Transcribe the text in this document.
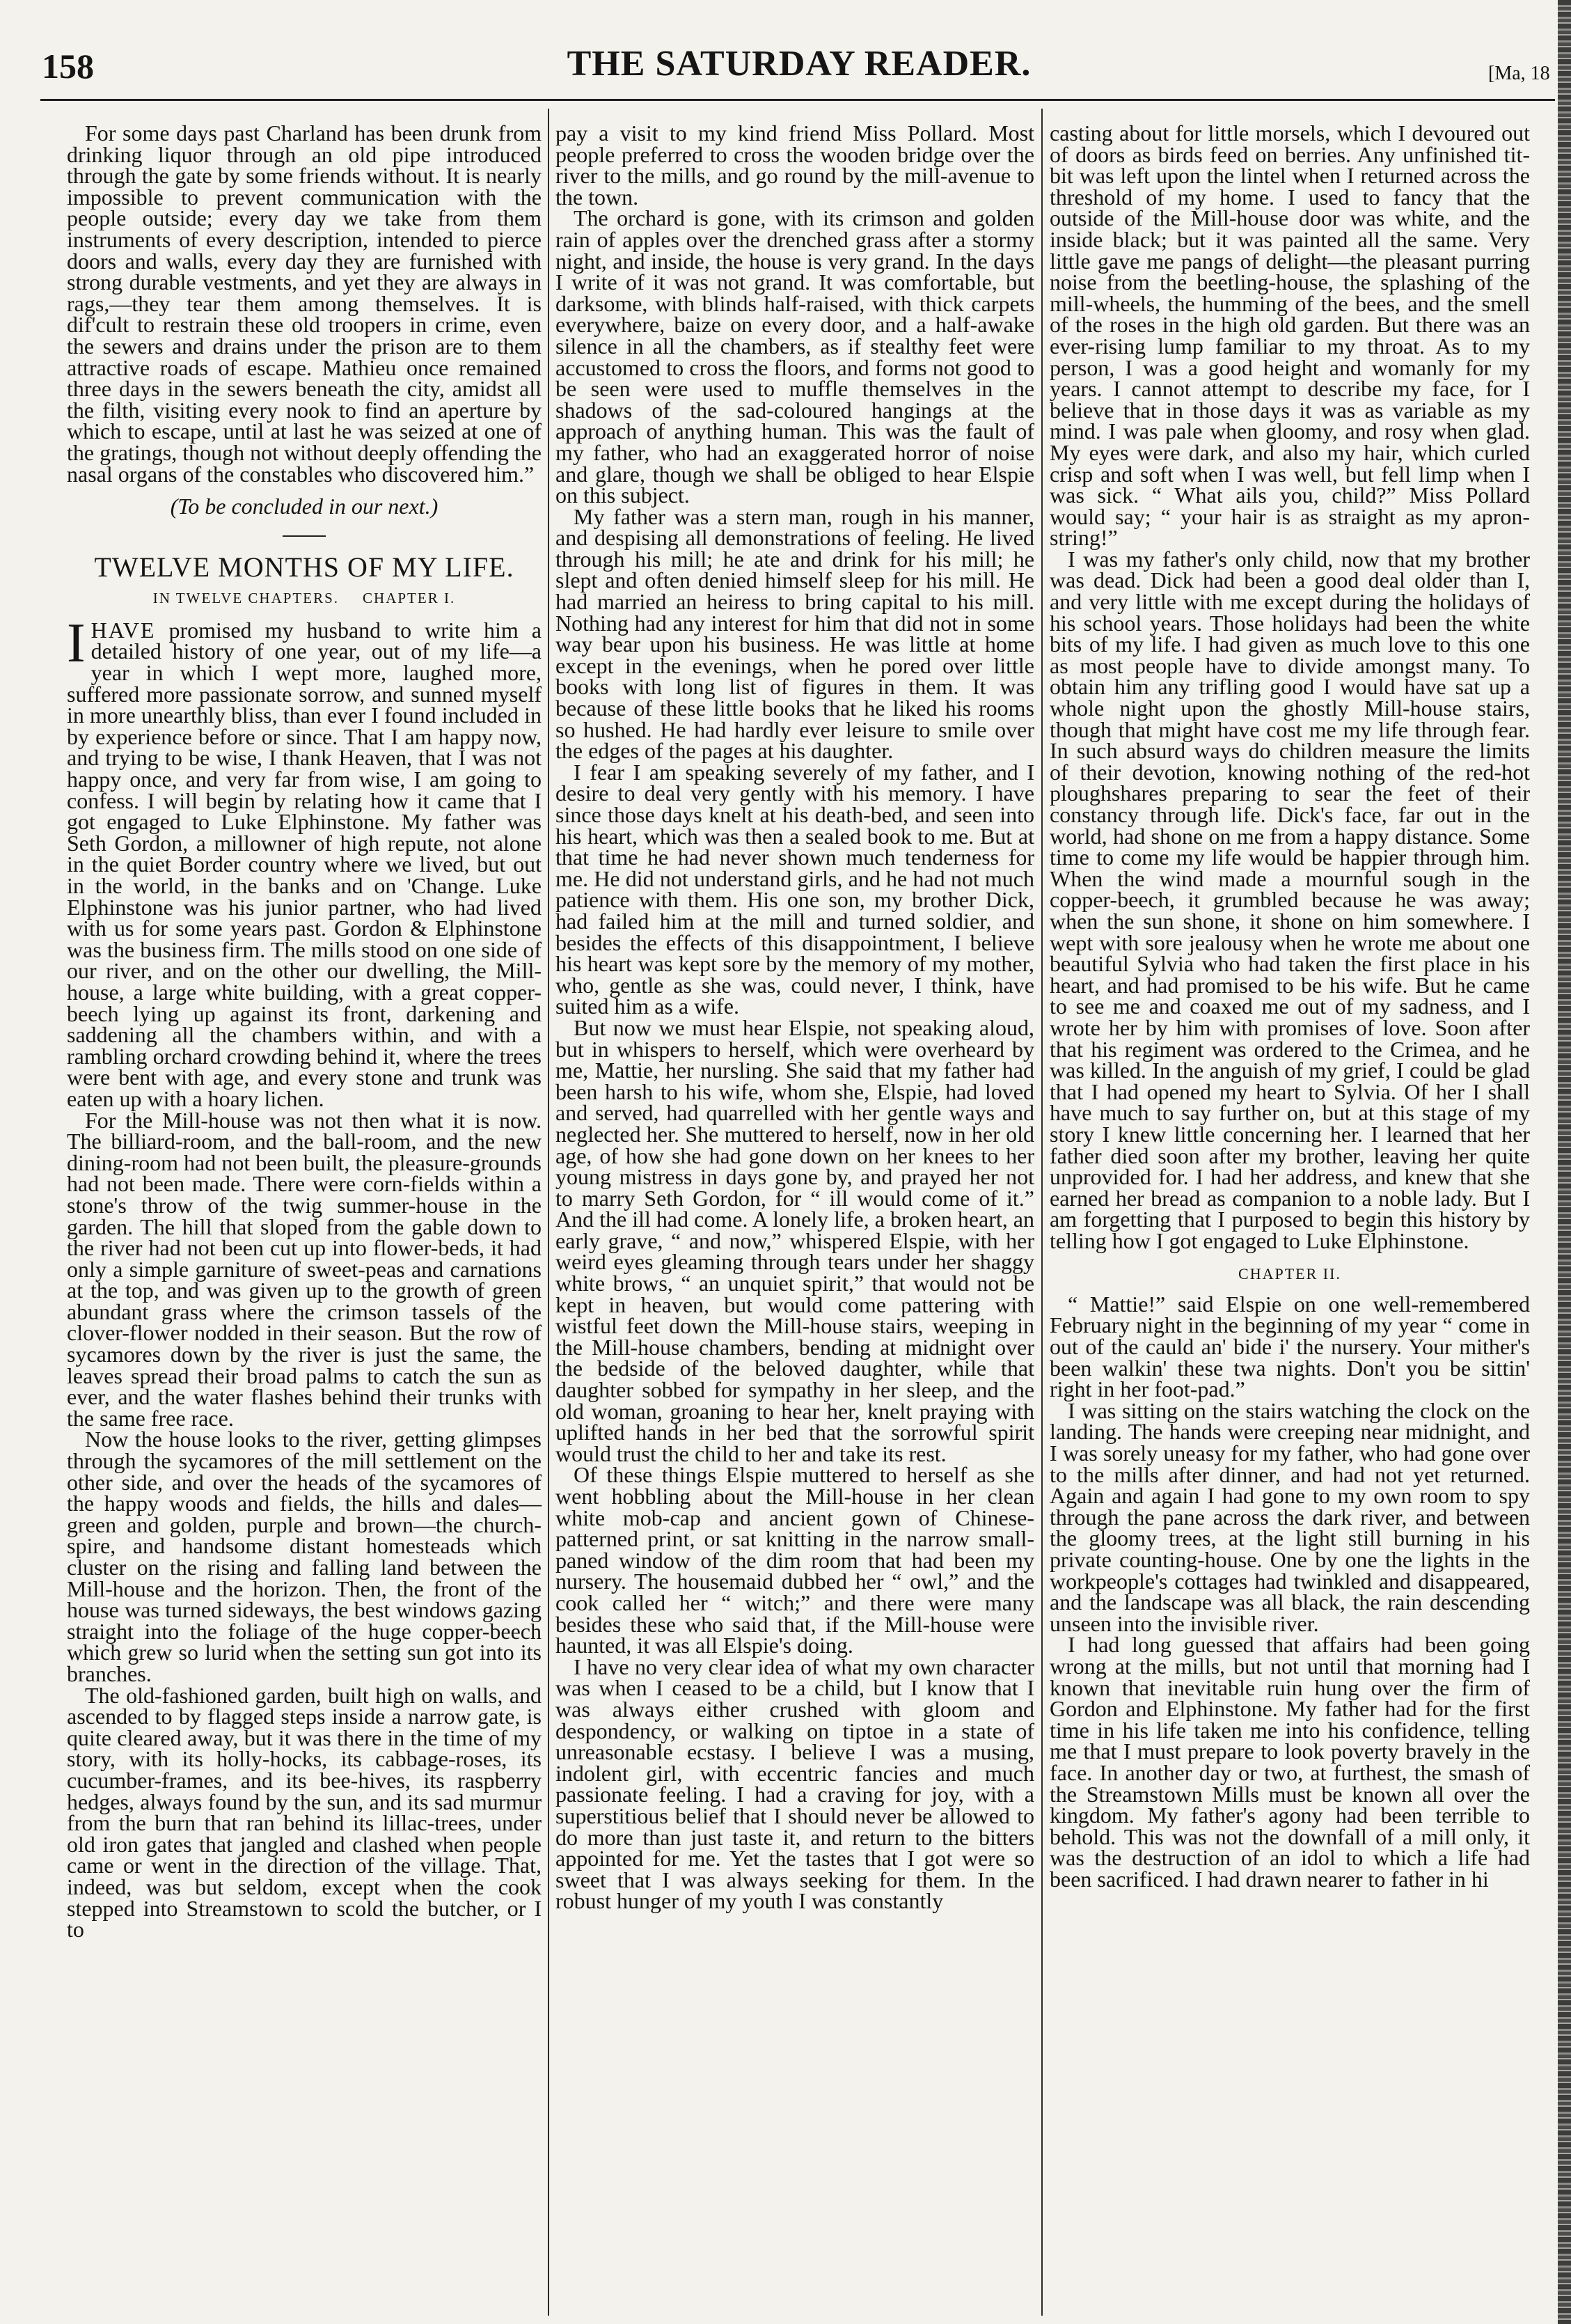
158	THE SATURDAY READER.	[Ma, 18

For some days past Charland has been drunk from drinking liquor through an old pipe introduced through the gate by some friends without. It is nearly impossible to prevent communication with the people outside; every day we take from them instruments of every description, intended to pierce doors and walls, every day they are furnished with strong durable vestments, and yet they are always in rags,—they tear them among themselves. It is dif'cult to restrain these old troopers in crime, even the sewers and drains under the prison are to them attractive roads of escape. Mathieu once remained three days in the sewers beneath the city, amidst all the filth, visiting every nook to find an aperture by which to escape, until at last he was seized at one of the gratings, though not without deeply offending the nasal organs of the constables who discovered him.”

(To be concluded in our next.)

TWELVE MONTHS OF MY LIFE.
IN TWELVE CHAPTERS. CHAPTER I.

IHAVE promised my husband to write him a detailed history of one year, out of my life—a year in which I wept more, laughed more, suffered more passionate sorrow, and sunned myself in more unearthly bliss, than ever I found included in by experience before or since. That I am happy now, and trying to be wise, I thank Heaven, that I was not happy once, and very far from wise, I am going to confess. I will begin by relating how it came that I got engaged to Luke Elphinstone. My father was Seth Gordon, a millowner of high repute, not alone in the quiet Border country where we lived, but out in the world, in the banks and on 'Change. Luke Elphinstone was his junior partner, who had lived with us for some years past. Gordon & Elphinstone was the business firm. The mills stood on one side of our river, and on the other our dwelling, the Mill-house, a large white building, with a great copper-beech lying up against its front, darkening and saddening all the chambers within, and with a rambling orchard crowding behind it, where the trees were bent with age, and every stone and trunk was eaten up with a hoary lichen.

For the Mill-house was not then what it is now. The billiard-room, and the ball-room, and the new dining-room had not been built, the pleasure-grounds had not been made. There were corn-fields within a stone's throw of the twig summer-house in the garden. The hill that sloped from the gable down to the river had not been cut up into flower-beds, it had only a simple garniture of sweet-peas and carnations at the top, and was given up to the growth of green abundant grass where the crimson tassels of the clover-flower nodded in their season. But the row of sycamores down by the river is just the same, the leaves spread their broad palms to catch the sun as ever, and the water flashes behind their trunks with the same free race.

Now the house looks to the river, getting glimpses through the sycamores of the mill settlement on the other side, and over the heads of the sycamores of the happy woods and fields, the hills and dales—green and golden, purple and brown—the church-spire, and handsome distant homesteads which cluster on the rising and falling land between the Mill-house and the horizon. Then, the front of the house was turned sideways, the best windows gazing straight into the foliage of the huge copper-beech which grew so lurid when the setting sun got into its branches.

The old-fashioned garden, built high on walls, and ascended to by flagged steps inside a narrow gate, is quite cleared away, but it was there in the time of my story, with its holly-hocks, its cabbage-roses, its cucumber-frames, and its bee-hives, its raspberry hedges, always found by the sun, and its sad murmur from the burn that ran behind its lillac-trees, under old iron gates that jangled and clashed when people came or went in the direction of the village. That, indeed, was but seldom, except when the cook stepped into Streamstown to scold the butcher, or I to

pay a visit to my kind friend Miss Pollard. Most people preferred to cross the wooden bridge over the river to the mills, and go round by the mill-avenue to the town.

The orchard is gone, with its crimson and golden rain of apples over the drenched grass after a stormy night, and inside, the house is very grand. In the days I write of it was not grand. It was comfortable, but darksome, with blinds half-raised, with thick carpets everywhere, baize on every door, and a half-awake silence in all the chambers, as if stealthy feet were accustomed to cross the floors, and forms not good to be seen were used to muffle themselves in the shadows of the sad-coloured hangings at the approach of anything human. This was the fault of my father, who had an exaggerated horror of noise and glare, though we shall be obliged to hear Elspie on this subject.

My father was a stern man, rough in his manner, and despising all demonstrations of feeling. He lived through his mill; he ate and drink for his mill; he slept and often denied himself sleep for his mill. He had married an heiress to bring capital to his mill. Nothing had any interest for him that did not in some way bear upon his business. He was little at home except in the evenings, when he pored over little books with long list of figures in them. It was because of these little books that he liked his rooms so hushed. He had hardly ever leisure to smile over the edges of the pages at his daughter.

I fear I am speaking severely of my father, and I desire to deal very gently with his memory. I have since those days knelt at his death-bed, and seen into his heart, which was then a sealed book to me. But at that time he had never shown much tenderness for me. He did not understand girls, and he had not much patience with them. His one son, my brother Dick, had failed him at the mill and turned soldier, and besides the effects of this disappointment, I believe his heart was kept sore by the memory of my mother, who, gentle as she was, could never, I think, have suited him as a wife.

But now we must hear Elspie, not speaking aloud, but in whispers to herself, which were overheard by me, Mattie, her nursling. She said that my father had been harsh to his wife, whom she, Elspie, had loved and served, had quarrelled with her gentle ways and neglected her. She muttered to herself, now in her old age, of how she had gone down on her knees to her young mistress in days gone by, and prayed her not to marry Seth Gordon, for “ ill would come of it.” And the ill had come. A lonely life, a broken heart, an early grave, “ and now,” whispered Elspie, with her weird eyes gleaming through tears under her shaggy white brows, “ an unquiet spirit,” that would not be kept in heaven, but would come pattering with wistful feet down the Mill-house stairs, weeping in the Mill-house chambers, bending at midnight over the bedside of the beloved daughter, while that daughter sobbed for sympathy in her sleep, and the old woman, groaning to hear her, knelt praying with uplifted hands in her bed that the sorrowful spirit would trust the child to her and take its rest.

Of these things Elspie muttered to herself as she went hobbling about the Mill-house in her clean white mob-cap and ancient gown of Chinese-patterned print, or sat knitting in the narrow small-paned window of the dim room that had been my nursery. The housemaid dubbed her “ owl,” and the cook called her “ witch;” and there were many besides these who said that, if the Mill-house were haunted, it was all Elspie's doing.

I have no very clear idea of what my own character was when I ceased to be a child, but I know that I was always either crushed with gloom and despondency, or walking on tiptoe in a state of unreasonable ecstasy. I believe I was a musing, indolent girl, with eccentric fancies and much passionate feeling. I had a craving for joy, with a superstitious belief that I should never be allowed to do more than just taste it, and return to the bitters appointed for me. Yet the tastes that I got were so sweet that I was always seeking for them. In the robust hunger of my youth I was constantly

casting about for little morsels, which I devoured out of doors as birds feed on berries. Any unfinished tit-bit was left upon the lintel when I returned across the threshold of my home. I used to fancy that the outside of the Mill-house door was white, and the inside black; but it was painted all the same. Very little gave me pangs of delight—the pleasant purring noise from the beetling-house, the splashing of the mill-wheels, the humming of the bees, and the smell of the roses in the high old garden. But there was an ever-rising lump familiar to my throat. As to my person, I was a good height and womanly for my years. I cannot attempt to describe my face, for I believe that in those days it was as variable as my mind. I was pale when gloomy, and rosy when glad. My eyes were dark, and also my hair, which curled crisp and soft when I was well, but fell limp when I was sick. “ What ails you, child?” Miss Pollard would say; “ your hair is as straight as my apron-string!”

I was my father's only child, now that my brother was dead. Dick had been a good deal older than I, and very little with me except during the holidays of his school years. Those holidays had been the white bits of my life. I had given as much love to this one as most people have to divide amongst many. To obtain him any trifling good I would have sat up a whole night upon the ghostly Mill-house stairs, though that might have cost me my life through fear. In such absurd ways do children measure the limits of their devotion, knowing nothing of the red-hot ploughshares preparing to sear the feet of their constancy through life. Dick's face, far out in the world, had shone on me from a happy distance. Some time to come my life would be happier through him. When the wind made a mournful sough in the copper-beech, it grumbled because he was away; when the sun shone, it shone on him somewhere. I wept with sore jealousy when he wrote me about one beautiful Sylvia who had taken the first place in his heart, and had promised to be his wife. But he came to see me and coaxed me out of my sadness, and I wrote her by him with promises of love. Soon after that his regiment was ordered to the Crimea, and he was killed. In the anguish of my grief, I could be glad that I had opened my heart to Sylvia. Of her I shall have much to say further on, but at this stage of my story I knew little concerning her. I learned that her father died soon after my brother, leaving her quite unprovided for. I had her address, and knew that she earned her bread as companion to a noble lady. But I am forgetting that I purposed to begin this history by telling how I got engaged to Luke Elphinstone.

CHAPTER II.

“ Mattie!” said Elspie on one well-remembered February night in the beginning of my year “ come in out of the cauld an' bide i' the nursery. Your mither's been walkin' these twa nights. Don't you be sittin' right in her foot-pad.”

I was sitting on the stairs watching the clock on the landing. The hands were creeping near midnight, and I was sorely uneasy for my father, who had gone over to the mills after dinner, and had not yet returned. Again and again I had gone to my own room to spy through the pane across the dark river, and between the gloomy trees, at the light still burning in his private counting-house. One by one the lights in the workpeople's cottages had twinkled and disappeared, and the landscape was all black, the rain descending unseen into the invisible river.

I had long guessed that affairs had been going wrong at the mills, but not until that morning had I known that inevitable ruin hung over the firm of Gordon and Elphinstone. My father had for the first time in his life taken me into his confidence, telling me that I must prepare to look poverty bravely in the face. In another day or two, at furthest, the smash of the Streamstown Mills must be known all over the kingdom. My father's agony had been terrible to behold. This was not the downfall of a mill only, it was the destruction of an idol to which a life had been sacrificed. I had drawn nearer to father in hi
